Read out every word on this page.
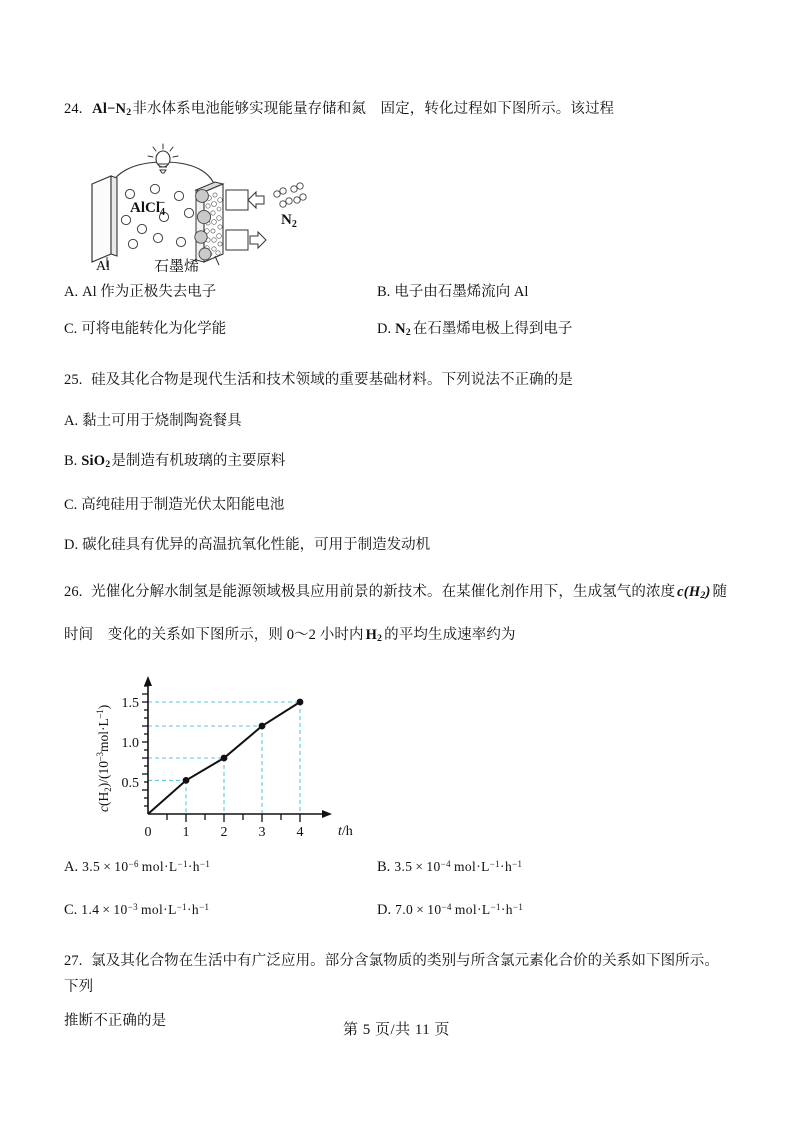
24. $Al-N_2$非水体系电池能够实现能量存储和氮　固定，转化过程如下图所示。该过程
AlCl$_4$–
$N_2$
Al	石墨烯
A. Al 作为正极失去电子	B. 电子由石墨烯流向 Al
C. 可将电能转化为化学能	D. $N_2$ 在石墨烯电极上得到电子
25. 硅及其化合物是现代生活和技术领域的重要基础材料。下列说法不正确的是
A. 黏土可用于烧制陶瓷餐具
B. SiO$_2$是制造有机玻璃的主要原料
C. 高纯硅用于制造光伏太阳能电池
D. 碳化硅具有优异的高温抗氧化性能，可用于制造发动机
26. 光催化分解水制氢是能源领域极具应用前景的新技术。在某催化剂作用下，生成氢气的浓度 $c(H_2)$ 随
时间　变化的关系如下图所示，则 0～2 小时内 $H_2$ 的平均生成速率约为
1.5
1.0
0.5
0 1 2 3 4 t/h
$c(H_2)/(10^{-3}mol\cdot L^{-1})$
A. $3.5 \times 10^{-6}$ $mol\cdot L^{-1}\cdot h^{-1}$	B. $3.5 \times 10^{-4}$ $mol\cdot L^{-1}\cdot h^{-1}$
C. $1.4 \times 10^{-3}$ $mol\cdot L^{-1}\cdot h^{-1}$	D. $7.0 \times 10^{-4}$ $mol\cdot L^{-1}\cdot h^{-1}$
27. 氯及其化合物在生活中有广泛应用。部分含氯物质的类别与所含氯元素化合价的关系如下图所示。下列
推断不正确的是
第 5 页/共 11 页
